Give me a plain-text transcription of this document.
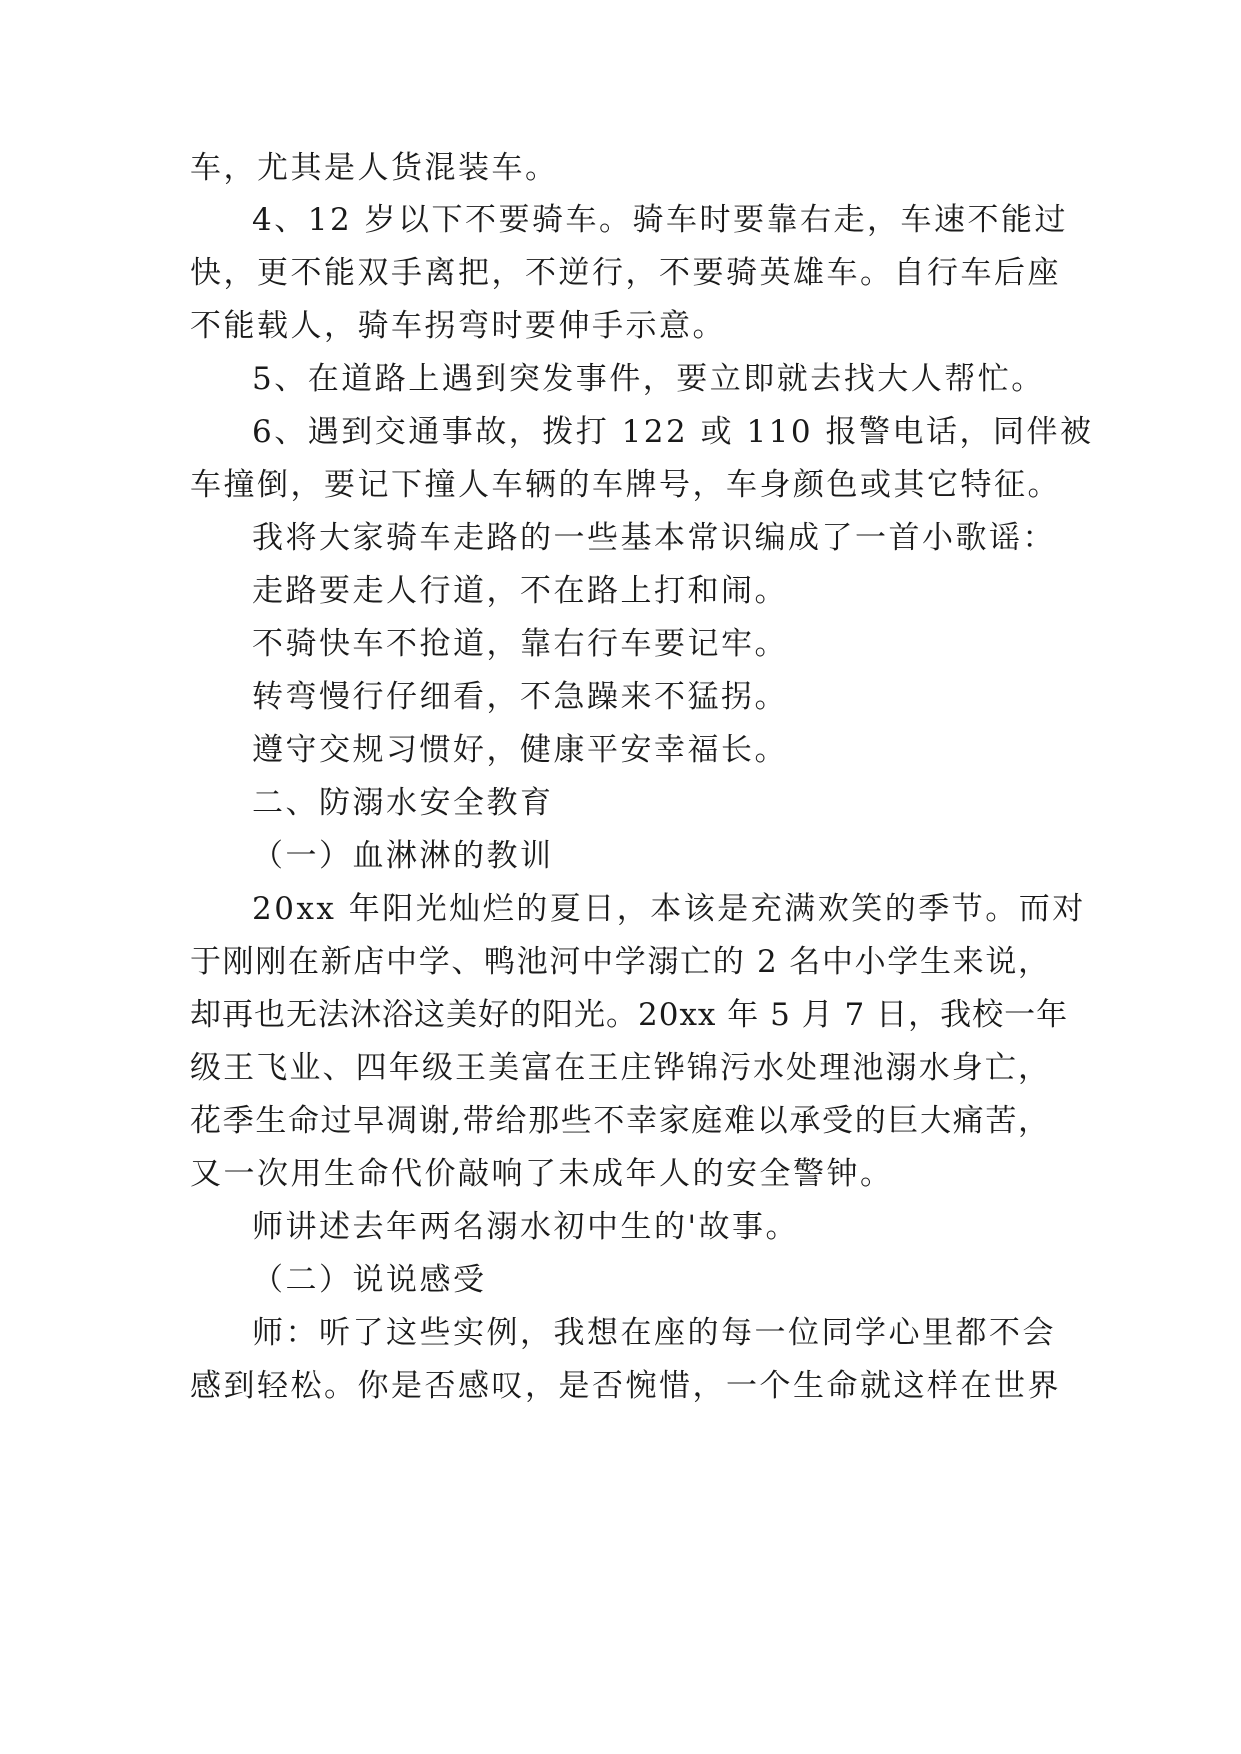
车，尤其是人货混装车。
4、12 岁以下不要骑车。骑车时要靠右走，车速不能过
快，更不能双手离把，不逆行，不要骑英雄车。自行车后座
不能载人，骑车拐弯时要伸手示意。
5、在道路上遇到突发事件，要立即就去找大人帮忙。
6、遇到交通事故，拨打 122 或 110 报警电话，同伴被
车撞倒，要记下撞人车辆的车牌号，车身颜色或其它特征。
我将大家骑车走路的一些基本常识编成了一首小歌谣：
走路要走人行道，不在路上打和闹。
不骑快车不抢道，靠右行车要记牢。
转弯慢行仔细看，不急躁来不猛拐。
遵守交规习惯好，健康平安幸福长。
二、防溺水安全教育
（一）血淋淋的教训
20xx 年阳光灿烂的夏日，本该是充满欢笑的季节。而对
于刚刚在新店中学、鸭池河中学溺亡的 2 名中小学生来说，
却再也无法沐浴这美好的阳光。20xx 年 5 月 7 日，我校一年
级王飞业、四年级王美富在王庄铧锦污水处理池溺水身亡，
花季生命过早凋谢,带给那些不幸家庭难以承受的巨大痛苦，
又一次用生命代价敲响了未成年人的安全警钟。
师讲述去年两名溺水初中生的'故事。
（二）说说感受
师：听了这些实例，我想在座的每一位同学心里都不会
感到轻松。你是否感叹，是否惋惜，一个生命就这样在世界
